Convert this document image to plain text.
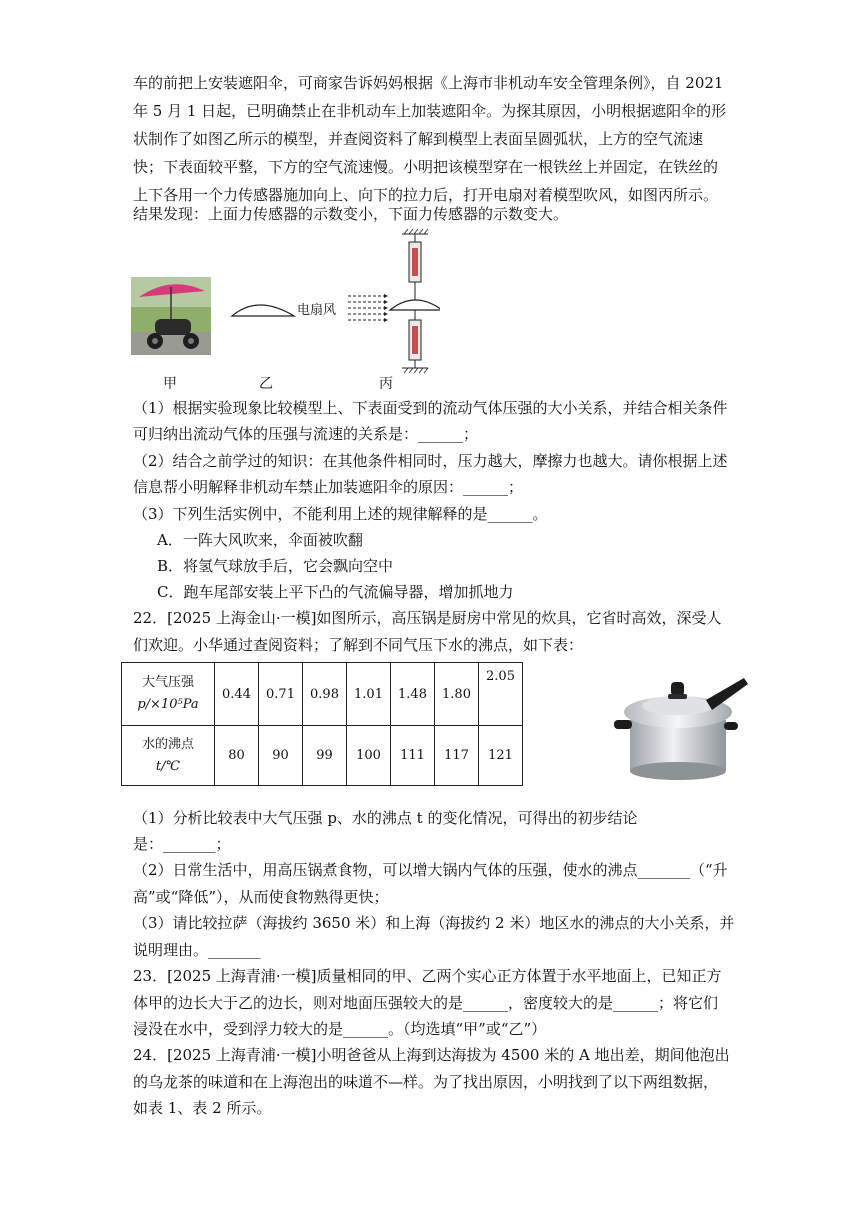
车的前把上安装遮阳伞，可商家告诉妈妈根据《上海市非机动车安全管理条例》，自 2021
年 5 月 1 日起，已明确禁止在非机动车上加装遮阳伞。为探其原因，小明根据遮阳伞的形
状制作了如图乙所示的模型，并查阅资料了解到模型上表面呈圆弧状，上方的空气流速
快；下表面较平整，下方的空气流速慢。小明把该模型穿在一根铁丝上并固定，在铁丝的
上下各用一个力传感器施加向上、向下的拉力后，打开电扇对着模型吹风，如图丙所示。
结果发现：上面力传感器的示数变小，下面力传感器的示数变大。
电扇风
甲	乙	丙
（1）根据实验现象比较模型上、下表面受到的流动气体压强的大小关系，并结合相关条件
可归纳出流动气体的压强与流速的关系是：______；
（2）结合之前学过的知识：在其他条件相同时，压力越大，摩擦力也越大。请你根据上述
信息帮小明解释非机动车禁止加装遮阳伞的原因：______；
（3）下列生活实例中，不能利用上述的规律解释的是______。
A．一阵大风吹来，伞面被吹翻
B．将氢气球放手后，它会飘向空中
C．跑车尾部安装上平下凸的气流偏导器，增加抓地力
22．[2025 上海金山·一模]如图所示，高压锅是厨房中常见的炊具，它省时高效，深受人
们欢迎。小华通过查阅资料；了解到不同气压下水的沸点，如下表：
大气压强
p/×10⁵Pa	0.44	0.71	0.98	1.01	1.48	1.80	2.05

水的沸点
t/℃	80	90	99	100	111	117	121
（1）分析比较表中大气压强 p、水的沸点 t 的变化情况，可得出的初步结论
是：_______；
（2）日常生活中，用高压锅煮食物，可以增大锅内气体的压强，使水的沸点_______（“升
高”或“降低”），从而使食物熟得更快；
（3）请比较拉萨（海拔约 3650 米）和上海（海拔约 2 米）地区水的沸点的大小关系，并
说明理由。_______
23．[2025 上海青浦·一模]质量相同的甲、乙两个实心正方体置于水平地面上，已知正方
体甲的边长大于乙的边长，则对地面压强较大的是______，密度较大的是______；将它们
浸没在水中，受到浮力较大的是______。（均选填“甲”或“乙”）
24．[2025 上海青浦·一模]小明爸爸从上海到达海拔为 4500 米的 A 地出差，期间他泡出
的乌龙茶的味道和在上海泡出的味道不—样。为了找出原因，小明找到了以下两组数据，
如表 1、表 2 所示。
